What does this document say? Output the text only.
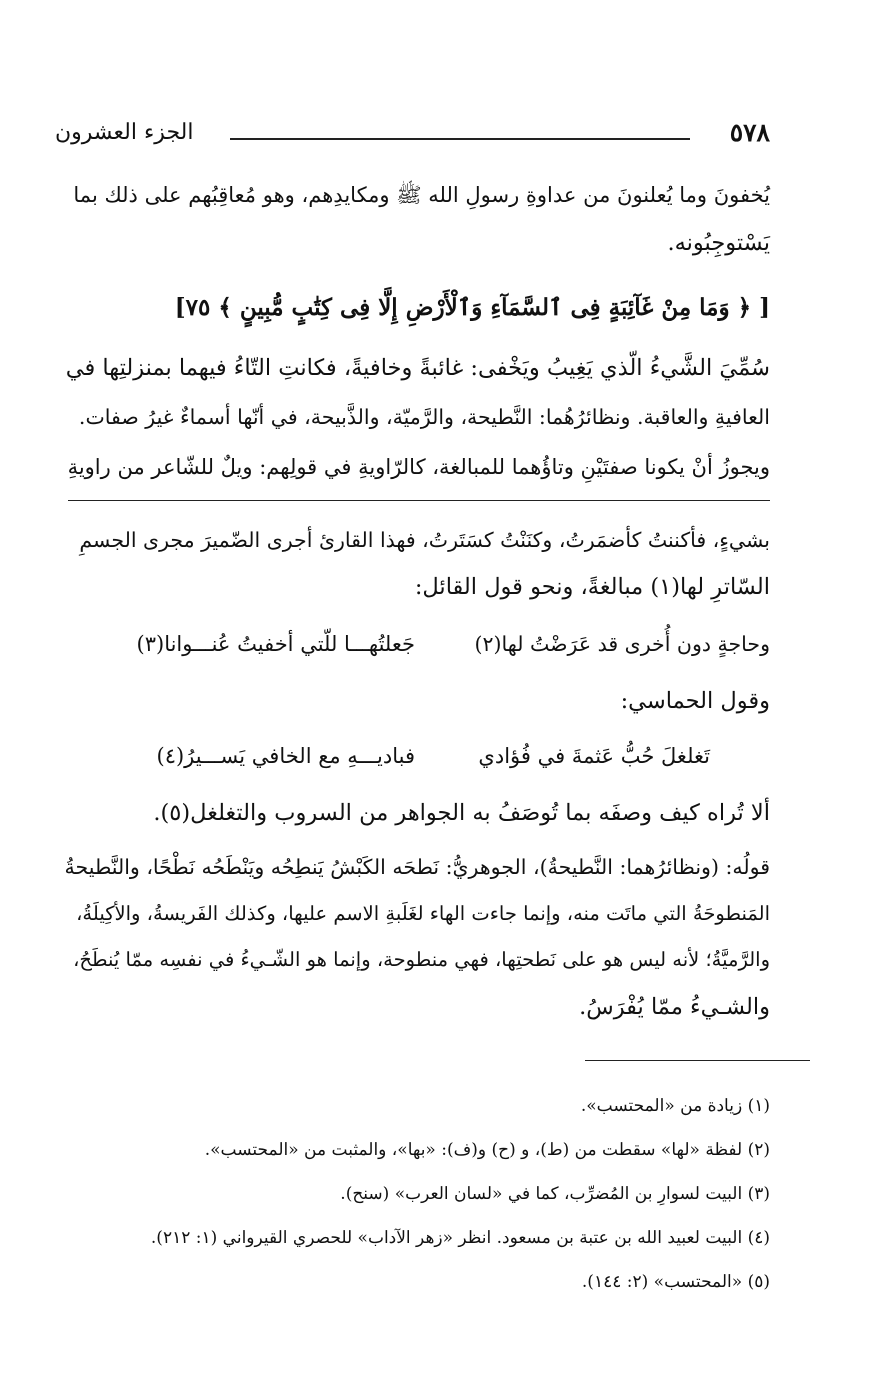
٥٧٨
الجزء العشرون
يُخفونَ وما يُعلنونَ من عداوةِ رسولِ الله ﷺ ومكايدِهم، وهو مُعاقِبُهم على ذلك بما
يَسْتوجِبُونه.
[ ﴿ وَمَا مِنْ غَآئِبَةٍ فِى ٱلسَّمَآءِ وَٱلْأَرْضِ إِلَّا فِى كِتَٰبٍ مُّبِينٍ ﴾ ٧٥]
سُمِّيَ الشَّيءُ الّذي يَغِيبُ ويَخْفى: غائبةً وخافيةً، فكانتِ التّاءُ فيهما بمنزلتِها في
العافيةِ والعاقبة. ونظائرُهُما: النَّطيحة، والرَّميّة، والذَّبيحة، في أنّها أسماءٌ غيرُ صفات.
ويجوزُ أنْ يكونا صفتَيْنِ وتاؤُهما للمبالغة، كالرّاويةِ في قولِهم: ويلٌ للشّاعر من راويةِ
بشيءٍ، فأكننتُ كأضمَرتُ، وكنَنْتُ كسَتَرتُ، فهذا القارئ أجرى الضّميرَ مجرى الجسمِ
السّاترِ لها(١) مبالغةً، ونحو قول القائل:
وحاجةٍ دون أُخرى قد عَرَضْتُ لها(٢)
جَعلتُهـــا للّتي أخفيتُ عُنـــوانا(٣)
وقول الحماسي:
تَغلغلَ حُبُّ عَثمةَ في فُؤادي
فباديـــهِ مع الخافي يَســـيرُ(٤)
ألا تُراه كيف وصفَه بما تُوصَفُ به الجواهر من السروب والتغلغل(٥).
قولُه: (ونظائرُهما: النَّطيحةُ)، الجوهريُّ: نَطحَه الكَبْشُ يَنطِحُه ويَنْطَحُه نَطْحًا، والنَّطيحةُ
المَنطوحَةُ التي ماتَت منه، وإنما جاءت الهاء لغَلَبةِ الاسم عليها، وكذلك الفَريسةُ، والأكِيلَةُ،
والرَّميَّةُ؛ لأنه ليس هو على نَطحتِها، فهي منطوحة، وإنما هو الشّـيءُ في نفسِه ممّا يُنطَحُ،
والشـيءُ ممّا يُفْرَسُ.
(١) زيادة من «المحتسب».
(٢) لفظة «لها» سقطت من (ط)، و (ح) و(ف): «بها»، والمثبت من «المحتسب».
(٣) البيت لسوارِ بن المُضرِّب، كما في «لسان العرب» (سنح).
(٤) البيت لعبيد الله بن عتبة بن مسعود. انظر «زهر الآداب» للحصري القيرواني (١: ٢١٢).
(٥) «المحتسب» (٢: ١٤٤).
